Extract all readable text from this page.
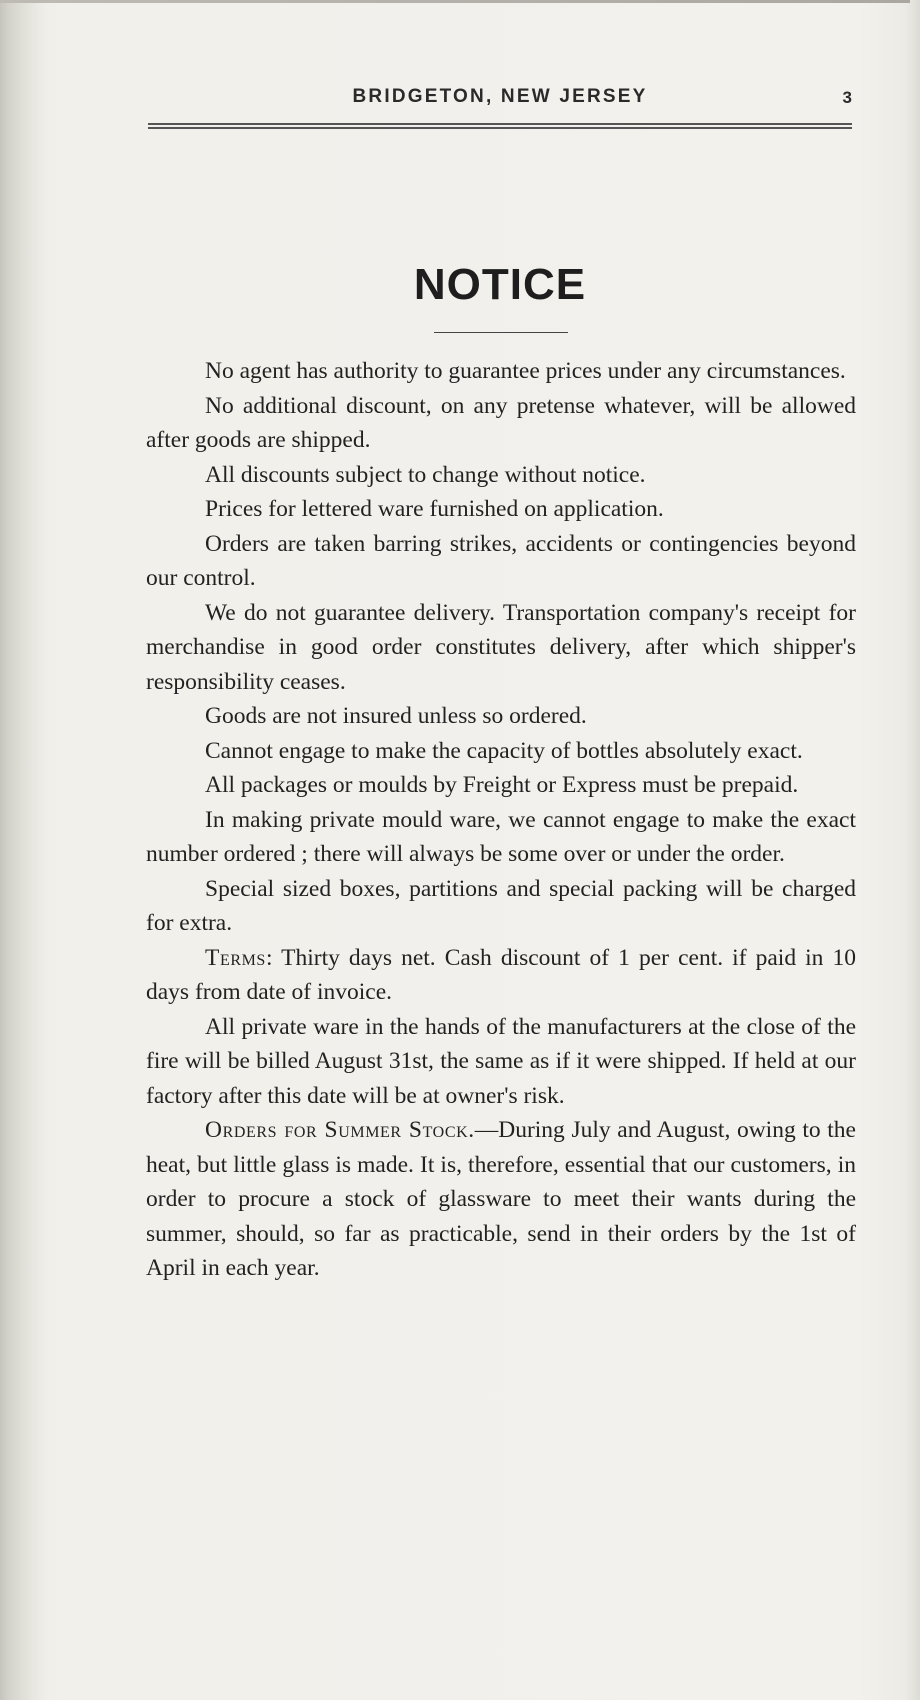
BRIDGETON, NEW JERSEY	3
NOTICE

No agent has authority to guarantee prices under any circumstances.

No additional discount, on any pretense whatever, will be allowed after goods are shipped.

All discounts subject to change without notice.

Prices for lettered ware furnished on application.

Orders are taken barring strikes, accidents or contingencies beyond our control.

We do not guarantee delivery. Transportation company's receipt for merchandise in good order constitutes delivery, after which shipper's responsibility ceases.

Goods are not insured unless so ordered.

Cannot engage to make the capacity of bottles absolutely exact.

All packages or moulds by Freight or Express must be prepaid.

In making private mould ware, we cannot engage to make the exact number ordered ; there will always be some over or under the order.

Special sized boxes, partitions and special packing will be charged for extra.

Terms: Thirty days net. Cash discount of 1 per cent. if paid in 10 days from date of invoice.

All private ware in the hands of the manufacturers at the close of the fire will be billed August 31st, the same as if it were shipped. If held at our factory after this date will be at owner's risk.

Orders for Summer Stock.—During July and August, owing to the heat, but little glass is made. It is, therefore, essential that our customers, in order to procure a stock of glassware to meet their wants during the summer, should, so far as practicable, send in their orders by the 1st of April in each year.
